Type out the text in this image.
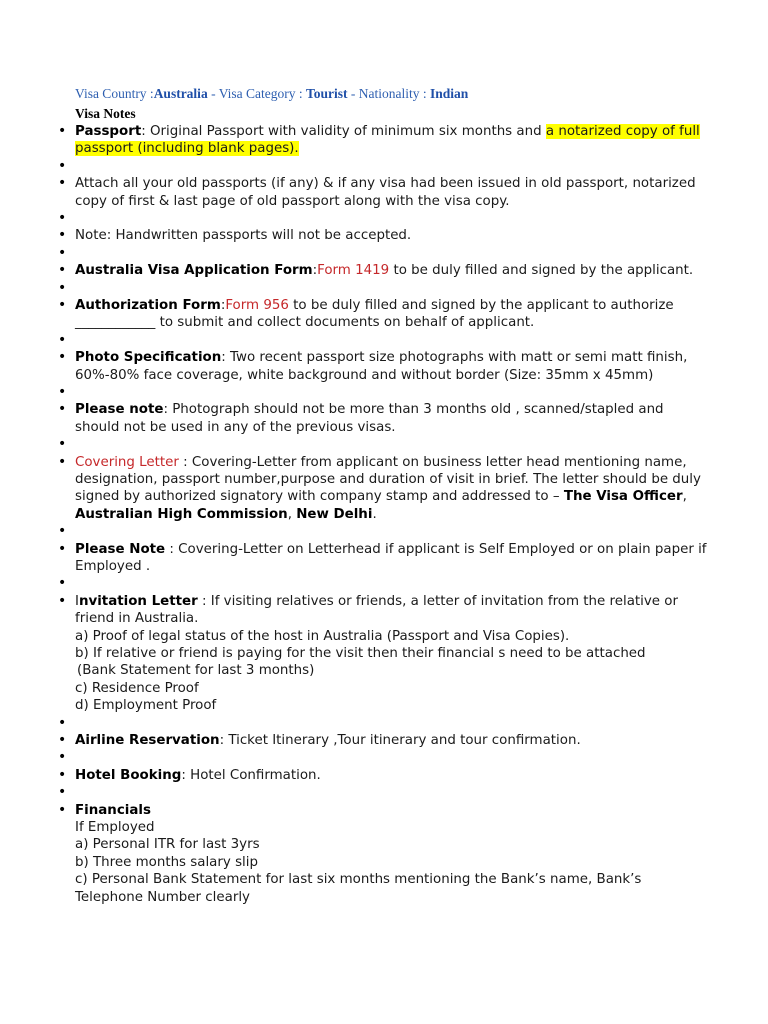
Visa Country :Australia - Visa Category : Tourist - Nationality : Indian
Visa Notes
• Passport: Original Passport with validity of minimum six months and a notarized copy of full passport (including blank pages).
•
• Attach all your old passports (if any) & if any visa had been issued in old passport, notarized copy of first & last page of old passport along with the visa copy.
•
• Note: Handwritten passports will not be accepted.
•
• Australia Visa Application Form:Form 1419 to be duly filled and signed by the applicant.
•
• Authorization Form:Form 956 to be duly filled and signed by the applicant to authorize ____________ to submit and collect documents on behalf of applicant.
•
• Photo Specification: Two recent passport size photographs with matt or semi matt finish, 60%-80% face coverage, white background and without border (Size: 35mm x 45mm)
•
• Please note: Photograph should not be more than 3 months old , scanned/stapled and should not be used in any of the previous visas.
•
• Covering Letter : Covering-Letter from applicant on business letter head mentioning name, designation, passport number,purpose and duration of visit in brief. The letter should be duly signed by authorized signatory with company stamp and addressed to – The Visa Officer, Australian High Commission, New Delhi.
•
• Please Note : Covering-Letter on Letterhead if applicant is Self Employed or on plain paper if Employed .
•
• Invitation Letter : If visiting relatives or friends, a letter of invitation from the relative or friend in Australia.
a) Proof of legal status of the host in Australia (Passport and Visa Copies).
b) If relative or friend is paying for the visit then their financial s need to be attached
(Bank Statement for last 3 months)
c) Residence Proof
d) Employment Proof
•
• Airline Reservation: Ticket Itinerary ,Tour itinerary and tour confirmation.
•
• Hotel Booking: Hotel Confirmation.
•
• Financials
If Employed
a) Personal ITR for last 3yrs
b) Three months salary slip
c) Personal Bank Statement for last six months mentioning the Bank’s name, Bank’s Telephone Number clearly
